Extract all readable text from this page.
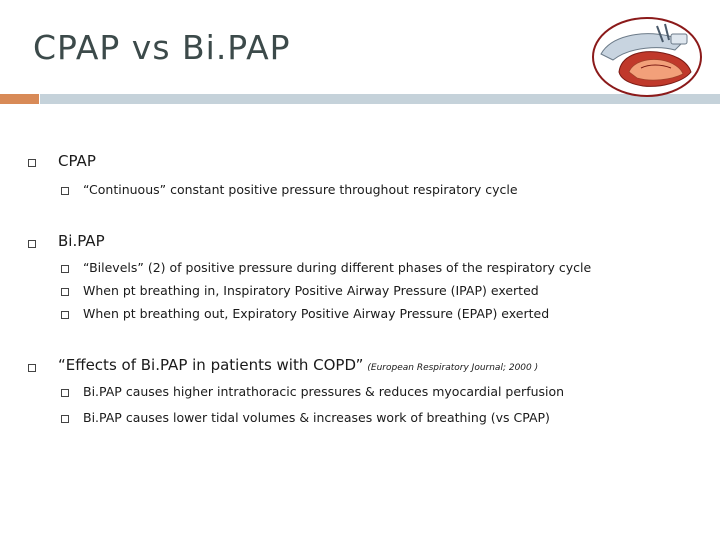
CPAP vs Bi.PAP
CPAP
“Continuous” constant positive pressure throughout respiratory cycle
Bi.PAP
“Bilevels” (2) of positive pressure during different phases of the respiratory cycle
When pt breathing in, Inspiratory Positive Airway Pressure (IPAP) exerted
When pt breathing out, Expiratory Positive Airway Pressure (EPAP) exerted
“Effects of Bi.PAP in patients with COPD” (European Respiratory Journal; 2000 )
Bi.PAP causes higher intrathoracic pressures & reduces myocardial perfusion
Bi.PAP causes lower tidal volumes & increases work of breathing (vs CPAP)
